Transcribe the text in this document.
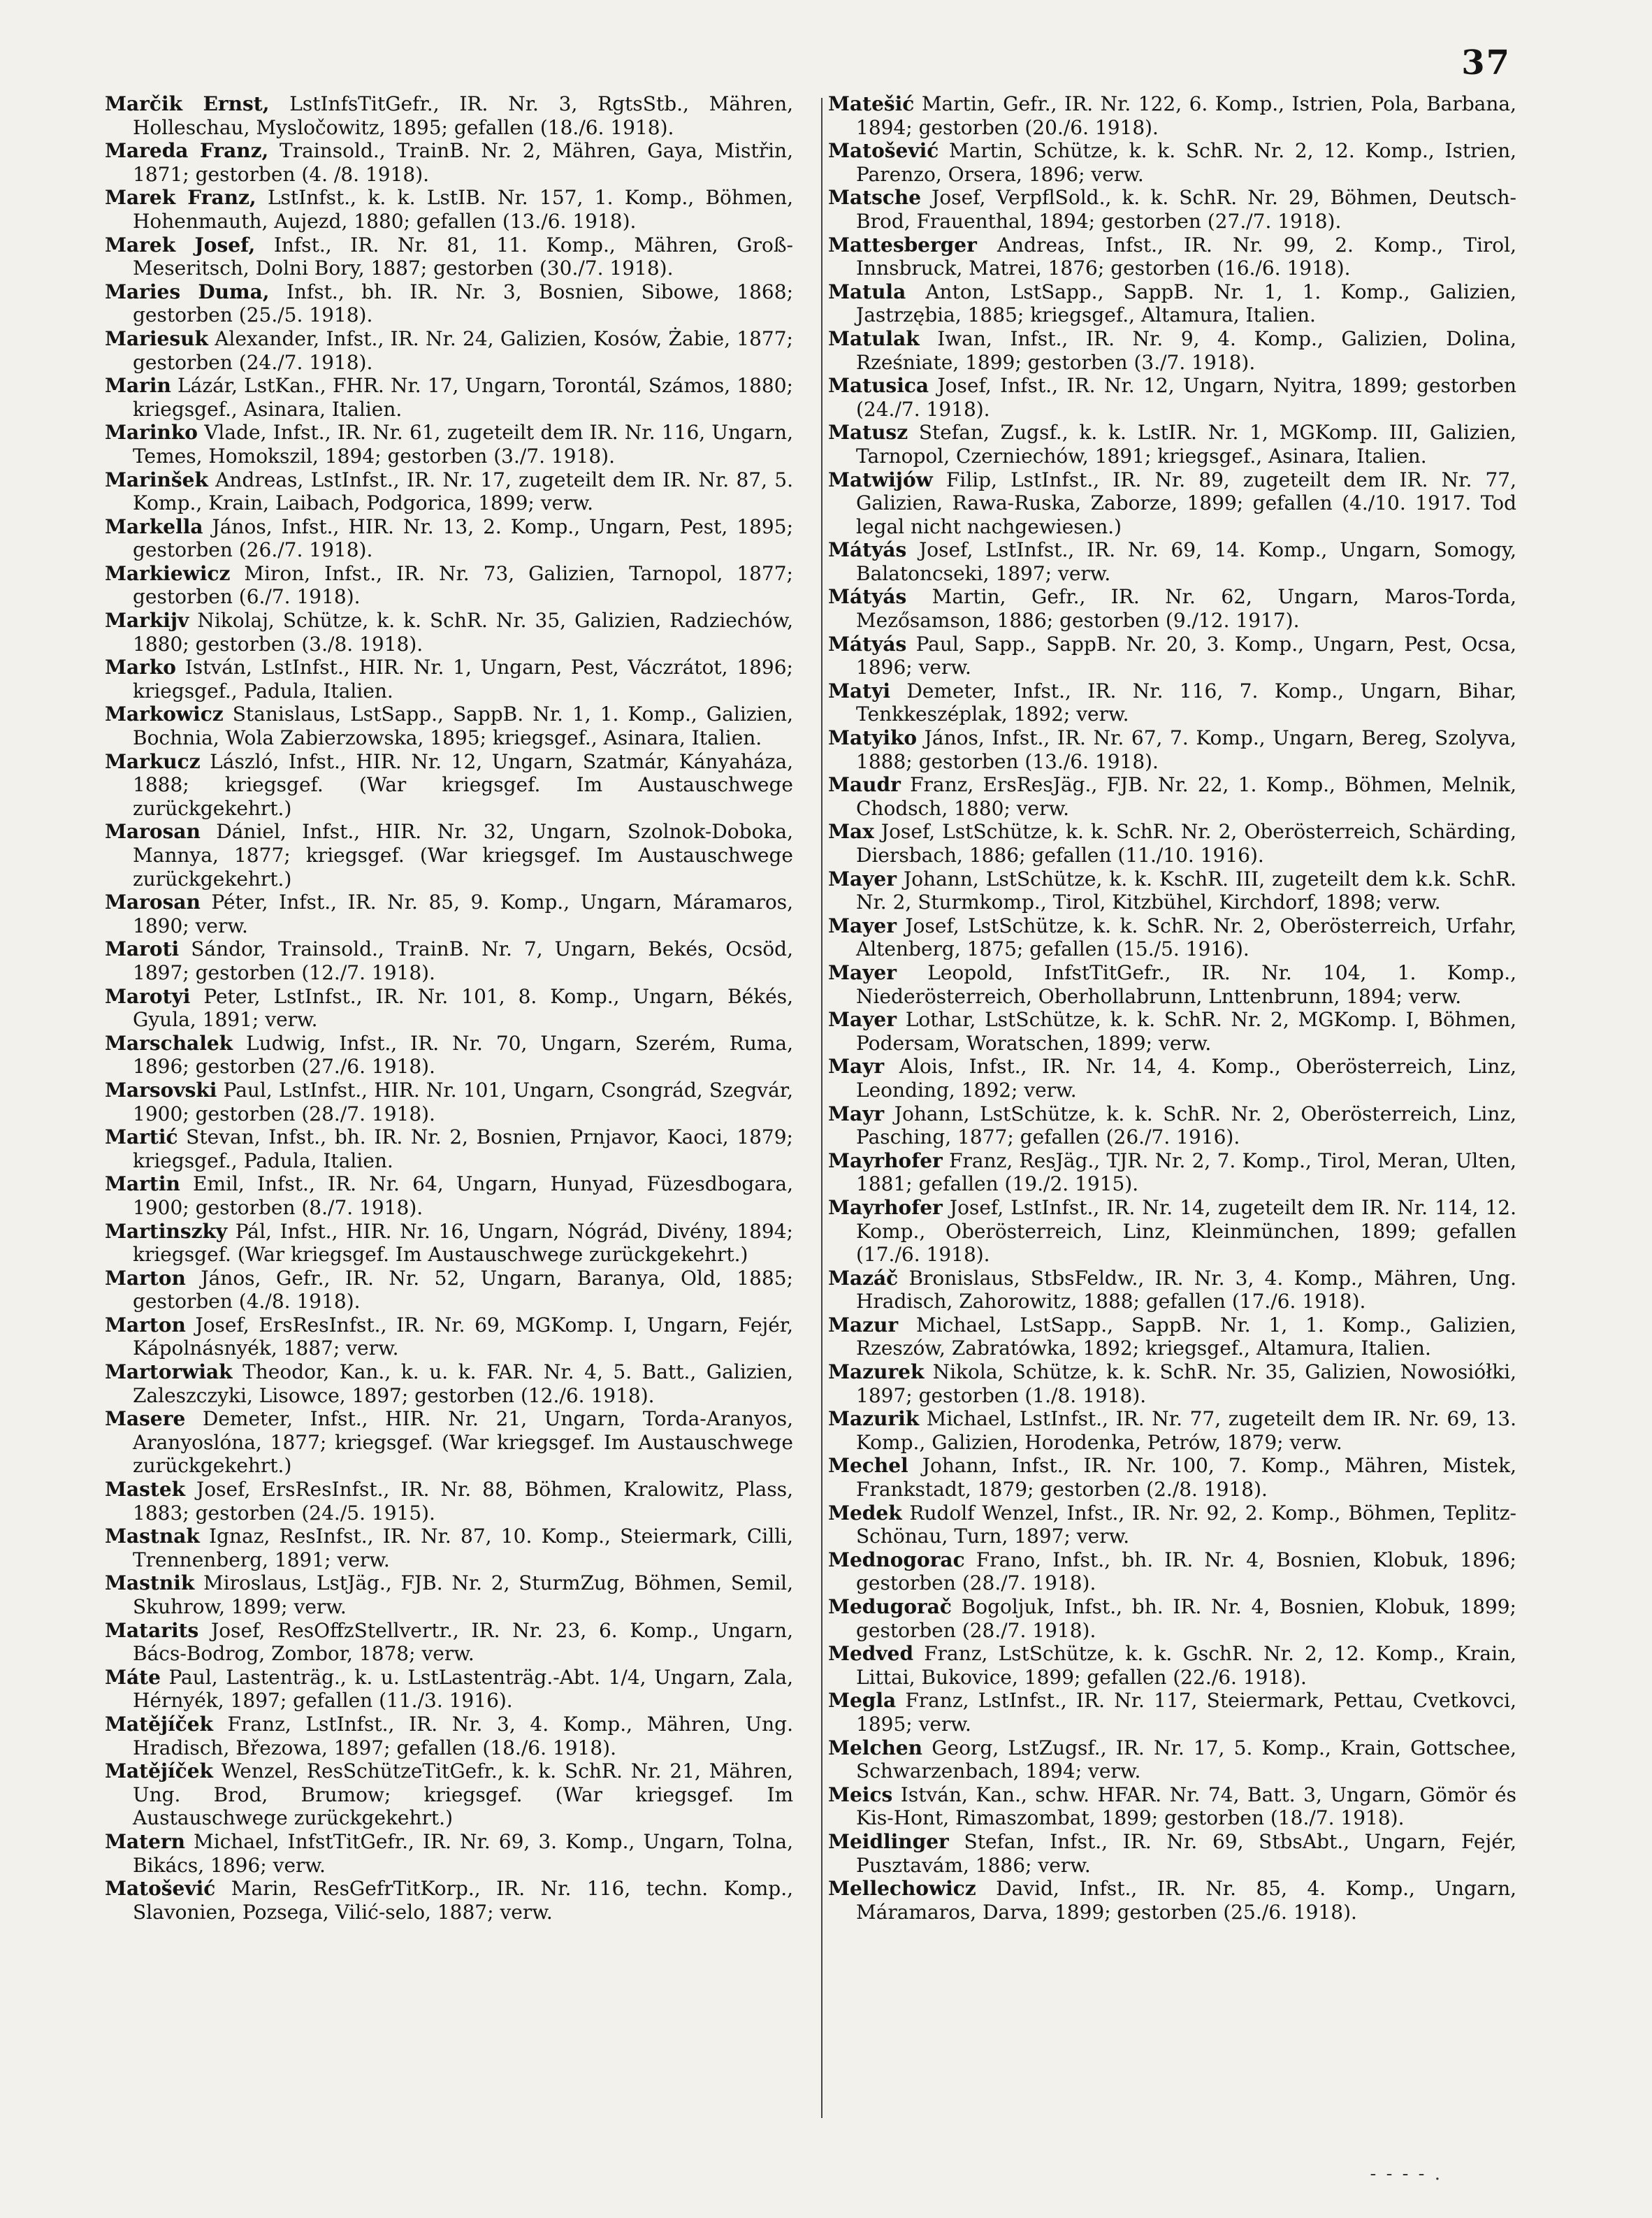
37

Marčik Ernst, LstInfsTitGefr., IR. Nr. 3, RgtsStb., Mähren, Holleschau, Mysločowitz, 1895; gefallen (18./6. 1918).

Mareda Franz, Trainsold., TrainB. Nr. 2, Mähren, Gaya, Mistřin, 1871; gestorben (4. /8. 1918).

Marek Franz, LstInfst., k. k. LstIB. Nr. 157, 1. Komp., Böhmen, Hohenmauth, Aujezd, 1880; gefallen (13./6. 1918).

Marek Josef, Infst., IR. Nr. 81, 11. Komp., Mähren, Groß-Meseritsch, Dolni Bory, 1887; gestorben (30./7. 1918).

Maries Duma, Infst., bh. IR. Nr. 3, Bosnien, Sibowe, 1868; gestorben (25./5. 1918).

Mariesuk Alexander, Infst., IR. Nr. 24, Galizien, Kosów, Żabie, 1877; gestorben (24./7. 1918).

Marin Lázár, LstKan., FHR. Nr. 17, Ungarn, Torontál, Számos, 1880; kriegsgef., Asinara, Italien.

Marinko Vlade, Infst., IR. Nr. 61, zugeteilt dem IR. Nr. 116, Ungarn, Temes, Homokszil, 1894; gestorben (3./7. 1918).

Marinšek Andreas, LstInfst., IR. Nr. 17, zugeteilt dem IR. Nr. 87, 5. Komp., Krain, Laibach, Podgorica, 1899; verw.

Markella János, Infst., HIR. Nr. 13, 2. Komp., Ungarn, Pest, 1895; gestorben (26./7. 1918).

Markiewicz Miron, Infst., IR. Nr. 73, Galizien, Tarnopol, 1877; gestorben (6./7. 1918).

Markijv Nikolaj, Schütze, k. k. SchR. Nr. 35, Galizien, Radziechów, 1880; gestorben (3./8. 1918).

Marko István, LstInfst., HIR. Nr. 1, Ungarn, Pest, Váczrátot, 1896; kriegsgef., Padula, Italien.

Markowicz Stanislaus, LstSapp., SappB. Nr. 1, 1. Komp., Galizien, Bochnia, Wola Zabierzowska, 1895; kriegsgef., Asinara, Italien.

Markucz László, Infst., HIR. Nr. 12, Ungarn, Szatmár, Kányaháza, 1888; kriegsgef. (War kriegsgef. Im Austauschwege zurückgekehrt.)

Marosan Dániel, Infst., HIR. Nr. 32, Ungarn, Szolnok-Doboka, Mannya, 1877; kriegsgef. (War kriegsgef. Im Austauschwege zurückgekehrt.)

Marosan Péter, Infst., IR. Nr. 85, 9. Komp., Ungarn, Máramaros, 1890; verw.

Maroti Sándor, Trainsold., TrainB. Nr. 7, Ungarn, Bekés, Ocsöd, 1897; gestorben (12./7. 1918).

Marotyi Peter, LstInfst., IR. Nr. 101, 8. Komp., Ungarn, Békés, Gyula, 1891; verw.

Marschalek Ludwig, Infst., IR. Nr. 70, Ungarn, Szerém, Ruma, 1896; gestorben (27./6. 1918).

Marsovski Paul, LstInfst., HIR. Nr. 101, Ungarn, Csongrád, Szegvár, 1900; gestorben (28./7. 1918).

Martić Stevan, Infst., bh. IR. Nr. 2, Bosnien, Prnjavor, Kaoci, 1879; kriegsgef., Padula, Italien.

Martin Emil, Infst., IR. Nr. 64, Ungarn, Hunyad, Füzesdbogara, 1900; gestorben (8./7. 1918).

Martinszky Pál, Infst., HIR. Nr. 16, Ungarn, Nógrád, Divény, 1894; kriegsgef. (War kriegsgef. Im Austauschwege zurückgekehrt.)

Marton János, Gefr., IR. Nr. 52, Ungarn, Baranya, Old, 1885; gestorben (4./8. 1918).

Marton Josef, ErsResInfst., IR. Nr. 69, MGKomp. I, Ungarn, Fejér, Kápolnásnyék, 1887; verw.

Martorwiak Theodor, Kan., k. u. k. FAR. Nr. 4, 5. Batt., Galizien, Zaleszczyki, Lisowce, 1897; gestorben (12./6. 1918).

Masere Demeter, Infst., HIR. Nr. 21, Ungarn, Torda-Aranyos, Aranyoslóna, 1877; kriegsgef. (War kriegsgef. Im Austauschwege zurückgekehrt.)

Mastek Josef, ErsResInfst., IR. Nr. 88, Böhmen, Kralowitz, Plass, 1883; gestorben (24./5. 1915).

Mastnak Ignaz, ResInfst., IR. Nr. 87, 10. Komp., Steiermark, Cilli, Trennenberg, 1891; verw.

Mastnik Miroslaus, LstJäg., FJB. Nr. 2, SturmZug, Böhmen, Semil, Skuhrow, 1899; verw.

Matarits Josef, ResOffzStellvertr., IR. Nr. 23, 6. Komp., Ungarn, Bács-Bodrog, Zombor, 1878; verw.

Máte Paul, Lastenträg., k. u. LstLastenträg.-Abt. 1/4, Ungarn, Zala, Hérnyék, 1897; gefallen (11./3. 1916).

Matějíček Franz, LstInfst., IR. Nr. 3, 4. Komp., Mähren, Ung. Hradisch, Březowa, 1897; gefallen (18./6. 1918).

Matějíček Wenzel, ResSchützeTitGefr., k. k. SchR. Nr. 21, Mähren, Ung. Brod, Brumow; kriegsgef. (War kriegsgef. Im Austauschwege zurückgekehrt.)

Matern Michael, InfstTitGefr., IR. Nr. 69, 3. Komp., Ungarn, Tolna, Bikács, 1896; verw.

Matošević Marin, ResGefrTitKorp., IR. Nr. 116, techn. Komp., Slavonien, Pozsega, Vilić-selo, 1887; verw.

Matešić Martin, Gefr., IR. Nr. 122, 6. Komp., Istrien, Pola, Barbana, 1894; gestorben (20./6. 1918).

Matošević Martin, Schütze, k. k. SchR. Nr. 2, 12. Komp., Istrien, Parenzo, Orsera, 1896; verw.

Matsche Josef, VerpflSold., k. k. SchR. Nr. 29, Böhmen, Deutsch-Brod, Frauenthal, 1894; gestorben (27./7. 1918).

Mattesberger Andreas, Infst., IR. Nr. 99, 2. Komp., Tirol, Innsbruck, Matrei, 1876; gestorben (16./6. 1918).

Matula Anton, LstSapp., SappB. Nr. 1, 1. Komp., Galizien, Jastrzębia, 1885; kriegsgef., Altamura, Italien.

Matulak Iwan, Infst., IR. Nr. 9, 4. Komp., Galizien, Dolina, Rześniate, 1899; gestorben (3./7. 1918).

Matusica Josef, Infst., IR. Nr. 12, Ungarn, Nyitra, 1899; gestorben (24./7. 1918).

Matusz Stefan, Zugsf., k. k. LstIR. Nr. 1, MGKomp. III, Galizien, Tarnopol, Czerniechów, 1891; kriegsgef., Asinara, Italien.

Matwijów Filip, LstInfst., IR. Nr. 89, zugeteilt dem IR. Nr. 77, Galizien, Rawa-Ruska, Zaborze, 1899; gefallen (4./10. 1917. Tod legal nicht nachgewiesen.)

Mátyás Josef, LstInfst., IR. Nr. 69, 14. Komp., Ungarn, Somogy, Balatoncseki, 1897; verw.

Mátyás Martin, Gefr., IR. Nr. 62, Ungarn, Maros-Torda, Mezősamson, 1886; gestorben (9./12. 1917).

Mátyás Paul, Sapp., SappB. Nr. 20, 3. Komp., Ungarn, Pest, Ocsa, 1896; verw.

Matyi Demeter, Infst., IR. Nr. 116, 7. Komp., Ungarn, Bihar, Tenkkeszéplak, 1892; verw.

Matyiko János, Infst., IR. Nr. 67, 7. Komp., Ungarn, Bereg, Szolyva, 1888; gestorben (13./6. 1918).

Maudr Franz, ErsResJäg., FJB. Nr. 22, 1. Komp., Böhmen, Melnik, Chodsch, 1880; verw.

Max Josef, LstSchütze, k. k. SchR. Nr. 2, Oberösterreich, Schärding, Diersbach, 1886; gefallen (11./10. 1916).

Mayer Johann, LstSchütze, k. k. KschR. III, zugeteilt dem k.k. SchR. Nr. 2, Sturmkomp., Tirol, Kitzbühel, Kirchdorf, 1898; verw.

Mayer Josef, LstSchütze, k. k. SchR. Nr. 2, Oberösterreich, Urfahr, Altenberg, 1875; gefallen (15./5. 1916).

Mayer Leopold, InfstTitGefr., IR. Nr. 104, 1. Komp., Niederösterreich, Oberhollabrunn, Lnttenbrunn, 1894; verw.

Mayer Lothar, LstSchütze, k. k. SchR. Nr. 2, MGKomp. I, Böhmen, Podersam, Woratschen, 1899; verw.

Mayr Alois, Infst., IR. Nr. 14, 4. Komp., Oberösterreich, Linz, Leonding, 1892; verw.

Mayr Johann, LstSchütze, k. k. SchR. Nr. 2, Oberösterreich, Linz, Pasching, 1877; gefallen (26./7. 1916).

Mayrhofer Franz, ResJäg., TJR. Nr. 2, 7. Komp., Tirol, Meran, Ulten, 1881; gefallen (19./2. 1915).

Mayrhofer Josef, LstInfst., IR. Nr. 14, zugeteilt dem IR. Nr. 114, 12. Komp., Oberösterreich, Linz, Kleinmünchen, 1899; gefallen (17./6. 1918).

Mazáč Bronislaus, StbsFeldw., IR. Nr. 3, 4. Komp., Mähren, Ung. Hradisch, Zahorowitz, 1888; gefallen (17./6. 1918).

Mazur Michael, LstSapp., SappB. Nr. 1, 1. Komp., Galizien, Rzeszów, Zabratówka, 1892; kriegsgef., Altamura, Italien.

Mazurek Nikola, Schütze, k. k. SchR. Nr. 35, Galizien, Nowosiółki, 1897; gestorben (1./8. 1918).

Mazurik Michael, LstInfst., IR. Nr. 77, zugeteilt dem IR. Nr. 69, 13. Komp., Galizien, Horodenka, Petrów, 1879; verw.

Mechel Johann, Infst., IR. Nr. 100, 7. Komp., Mähren, Mistek, Frankstadt, 1879; gestorben (2./8. 1918).

Medek Rudolf Wenzel, Infst., IR. Nr. 92, 2. Komp., Böhmen, Teplitz-Schönau, Turn, 1897; verw.

Mednogorac Frano, Infst., bh. IR. Nr. 4, Bosnien, Klobuk, 1896; gestorben (28./7. 1918).

Medugorač Bogoljuk, Infst., bh. IR. Nr. 4, Bosnien, Klobuk, 1899; gestorben (28./7. 1918).

Medved Franz, LstSchütze, k. k. GschR. Nr. 2, 12. Komp., Krain, Littai, Bukovice, 1899; gefallen (22./6. 1918).

Megla Franz, LstInfst., IR. Nr. 117, Steiermark, Pettau, Cvetkovci, 1895; verw.

Melchen Georg, LstZugsf., IR. Nr. 17, 5. Komp., Krain, Gottschee, Schwarzenbach, 1894; verw.

Meics István, Kan., schw. HFAR. Nr. 74, Batt. 3, Ungarn, Gömör és Kis-Hont, Rimaszombat, 1899; gestorben (18./7. 1918).

Meidlinger Stefan, Infst., IR. Nr. 69, StbsAbt., Ungarn, Fejér, Pusztavám, 1886; verw.

Mellechowicz David, Infst., IR. Nr. 85, 4. Komp., Ungarn, Máramaros, Darva, 1899; gestorben (25./6. 1918).

- - - - .
